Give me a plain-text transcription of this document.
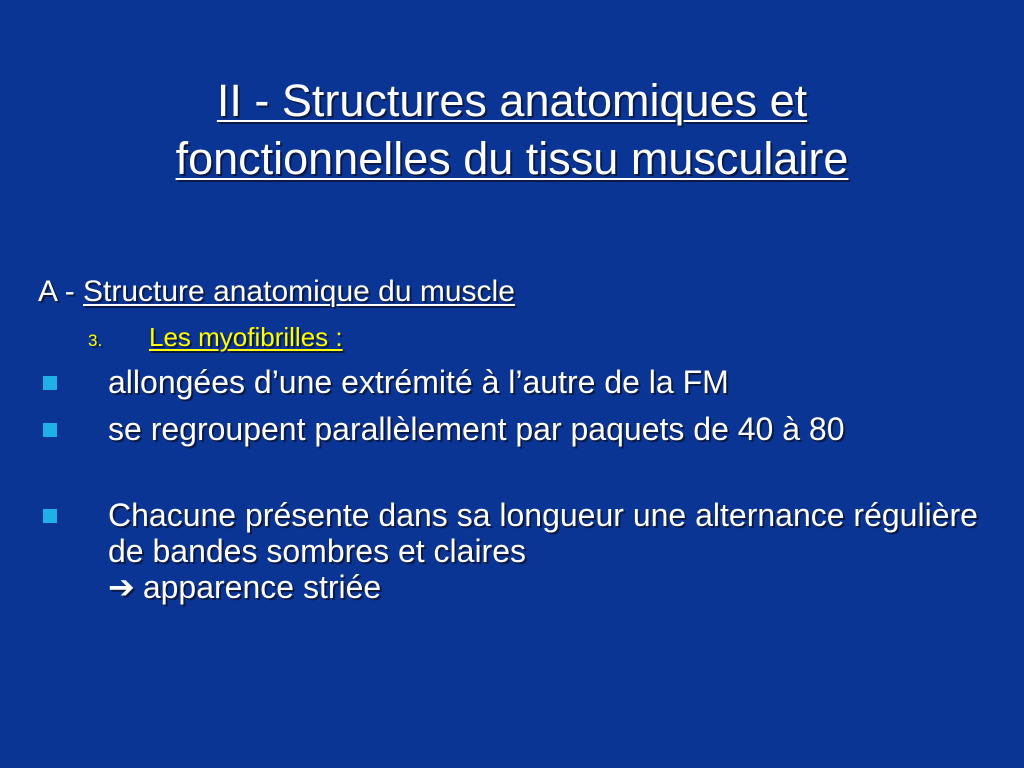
II - Structures anatomiques et
fonctionnelles du tissu musculaire
A - Structure anatomique du muscle
3. Les myofibrilles :
allongées d’une extrémité à l’autre de la FM
se regroupent parallèlement par paquets de 40 à 80
Chacune présente dans sa longueur une alternance régulière de bandes sombres et claires
➔ apparence striée
